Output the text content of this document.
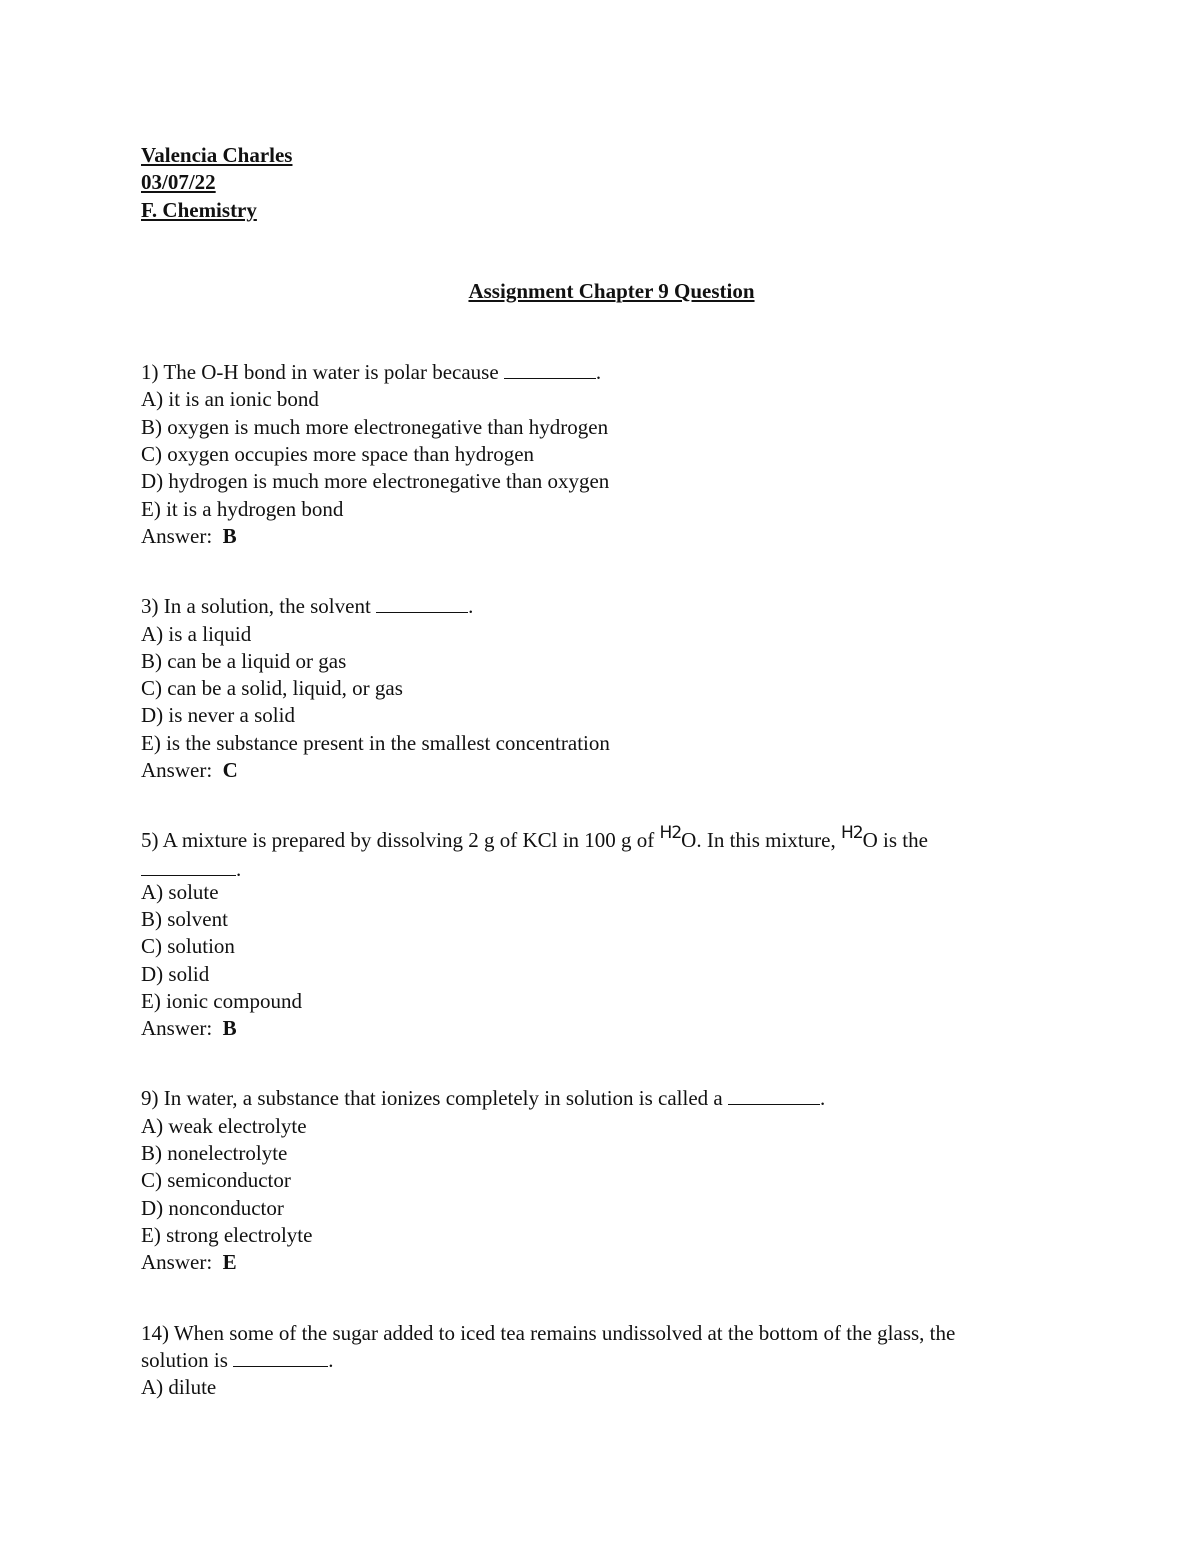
Valencia Charles
03/07/22
F. Chemistry
Assignment Chapter 9 Question
1) The O-H bond in water is polar because	.
A) it is an ionic bond
B) oxygen is much more electronegative than hydrogen
C) oxygen occupies more space than hydrogen
D) hydrogen is much more electronegative than oxygen
E) it is a hydrogen bond
Answer:  B
3) In a solution, the solvent	.
A) is a liquid
B) can be a liquid or gas
C) can be a solid, liquid, or gas
D) is never a solid
E) is the substance present in the smallest concentration
Answer:  C
5) A mixture is prepared by dissolving 2 g of KCl in 100 g of $^{H2}$O. In this mixture, $^{H2}$O is the
.
A) solute
B) solvent
C) solution
D) solid
E) ionic compound
Answer:  B
9) In water, a substance that ionizes completely in solution is called a	.
A) weak electrolyte
B) nonelectrolyte
C) semiconductor
D) nonconductor
E) strong electrolyte
Answer:  E
14) When some of the sugar added to iced tea remains undissolved at the bottom of the glass, the
solution is	.
A) dilute
